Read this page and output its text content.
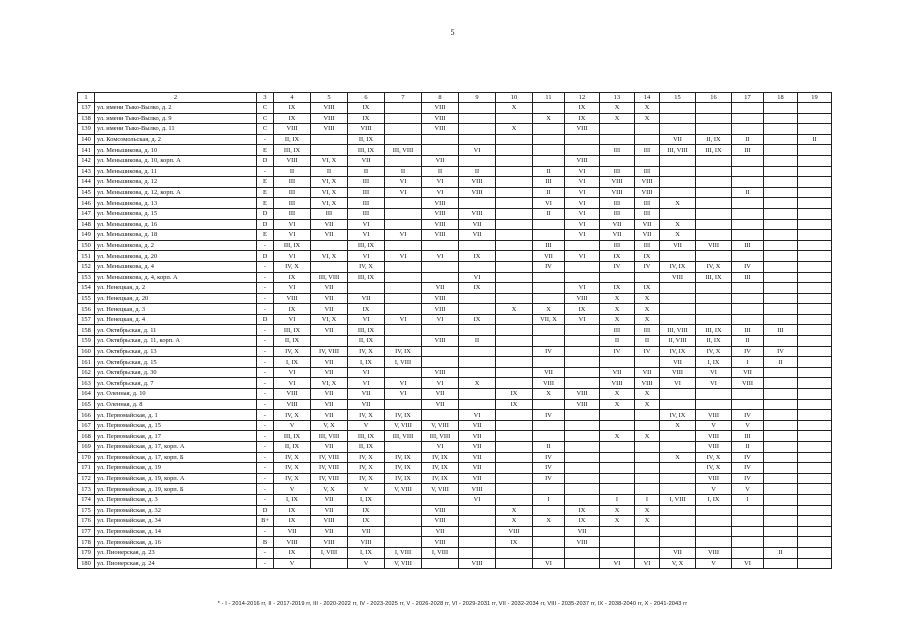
5
1	2	3	4	5	6	7	8	9	10	11	12	13	14	15	16	17	18	19
137	ул. имени Тыко-Вылко, д. 2	C	IX	VIII	IX		VIII		X		IX	X	X					
138	ул. имени Тыко-Вылко, д. 9	C	IX	VIII	IX		VIII			X	IX	X	X					
139	ул. имени Тыко-Вылко, д. 11	C	VIII	VIII	VIII		VIII		X		VIII							
140	ул. Комсомольская, д. 2	-	II, IX		II, IX									VII	II, IX	II		II
141	ул. Меньшикова, д. 10	E	III, IX		III, IX	III, VIII		VI				III	III	III, VIII	III, IX	III		
142	ул. Меньшикова, д. 10, корп. А	D	VIII	VI, X	VII		VII				VIII							
143	ул. Меньшикова, д. 11	-	II	II	II	II	II	II		II	VI	III	III					
144	ул. Меньшикова, д. 12	E	III	VI, X	III	VI	VI	VIII		III	VI	VIII	VIII					
145	ул. Меньшикова, д. 12, корп. А	E	III	VI, X	III	VI	VI	VIII		II	VI	VIII	VIII			II		
146	ул. Меньшикова, д. 13	E	III	VI, X	III		VIII			VI	VI	III	III	X				
147	ул. Меньшикова, д. 15	D	III	III	III		VIII	VIII		II	VI	III	III					
148	ул. Меньшикова, д. 16	D	VI	VII	VI		VIII	VII			VI	VII	VII	X				
149	ул. Меньшикова, д. 18	E	VI	VII	VI	VI	VIII	VII			VI	VII	VII	X				
150	ул. Меньшикова, д. 2	-	III, IX		III, IX					III		III	III	VII	VIII	III		
151	ул. Меньшикова, д. 20	D	VI	VI, X	VI	VI	VI	IX		VII	VI	IX	IX					
152	ул. Меньшикова, д. 4	-	IV, X		IV, X					IV		IV	IV	IV, IX	IV, X	IV		
153	ул. Меньшикова, д. 4, корп. А	-	IX	III, VIII	III, IX			VI						VIII	III, IX	III		
154	ул. Ненецкая, д. 2	-	VI	VII			VII	IX			VI	IX	IX					
155	ул. Ненецкая, д. 20	-	VIII	VII	VII		VIII				VIII	X	X					
156	ул. Ненецкая, д. 3	-	IX	VII	IX		VIII		X	X	IX	X	X					
157	ул. Ненецкая, д. 4	D	VI	VI, X	VI	VI	VI	IX		VII, X	VI	X	X					
158	ул. Октябрьская, д. 11	-	III, IX	VII	III, IX							III	III	III, VIII	III, IX	III	III	
159	ул. Октябрьская, д. 11, корп. А	-	II, IX		II, IX		VIII	II				II	II	II, VIII	II, IX	II		
160	ул. Октябрьская, д. 13	-	IV, X	IV, VIII	IV, X	IV, IX				IV		IV	IV	IV, IX	IV, X	IV	IV	
161	ул. Октябрьская, д. 15	-	I, IX	VII	I, IX	I, VIII								VII	I, IX	I	II	
162	ул. Октябрьская, д. 30	-	VI	VII	VI		VIII			VII		VII	VII	VIII	VI	VII		
163	ул. Октябрьская, д. 7	-	VI	VI, X	VI	VI	VI	X		VIII		VIII	VIII	VI	VI	VIII		
164	ул. Оленная, д. 10	-	VIII	VII	VII	VI	VII		IX	X	VIII	X	X					
165	ул. Оленная, д. 8	-	VIII	VII	VII		VII		IX		VIII	X	X					
166	ул. Первомайская, д. 1	-	IV, X	VII	IV, X	IV, IX		VI		IV				IV, IX	VIII	IV		
167	ул. Первомайская, д. 15	-	V	V, X	V	V, VIII	V, VIII	VII						X	V	V		
168	ул. Первомайская, д. 17	-	III, IX	III, VIII	III, IX	III, VIII	III, VIII	VII				X	X		VIII	III		
169	ул. Первомайская, д. 17, корп. А	-	II, IX	VII	II, IX		VI	VII		II					VIII	II		
170	ул. Первомайская, д. 17, корп. Б	-	IV, X	IV, VIII	IV, X	IV, IX	IV, IX	VII		IV				X	IV, X	IV		
171	ул. Первомайская, д. 19	-	IV, X	IV, VIII	IV, X	IV, IX	IV, IX	VII		IV					IV, X	IV		
172	ул. Первомайская, д. 19, корп. А	-	IV, X	IV, VIII	IV, X	IV, IX	IV, IX	VII		IV					VIII	IV		
173	ул. Первомайская, д. 19, корп. Б	-	V	V, X	V	V, VIII	V, VIII	VIII							V	V		
174	ул. Первомайская, д. 3	-	I, IX	VII	I, IX			VI		I		I	I	I, VIII	I, IX	I		
175	ул. Первомайская, д. 32	D	IX	VII	IX		VIII		X		IX	X	X					
176	ул. Первомайская, д. 34	B+	IX	VIII	IX		VIII		X	X	IX	X	X					
177	ул. Первомайская, д. 14	-	VII	VII	VII		VII		VIII		VII							
178	ул. Первомайская, д. 16	B	VIII	VIII	VIII		VIII		IX		VIII							
179	ул. Пионерская, д. 23	-	IX	I, VIII	I, IX	I, VIII	I, VIII							VII	VIII		II	
180	ул. Пионерская, д. 24	-	V		V	V, VIII		VIII		VI		VI	VI	V, X	V	VI		
* - I - 2014-2016 гг, II - 2017-2019 гг, III - 2020-2022 гг, IV - 2023-2025 гг, V - 2026-2028 гг, VI - 2029-2031 гг, VII - 2032-2034 гг, VIII - 2035-2037 гг, IX - 2038-2040 гг, X - 2041-2043 гг
